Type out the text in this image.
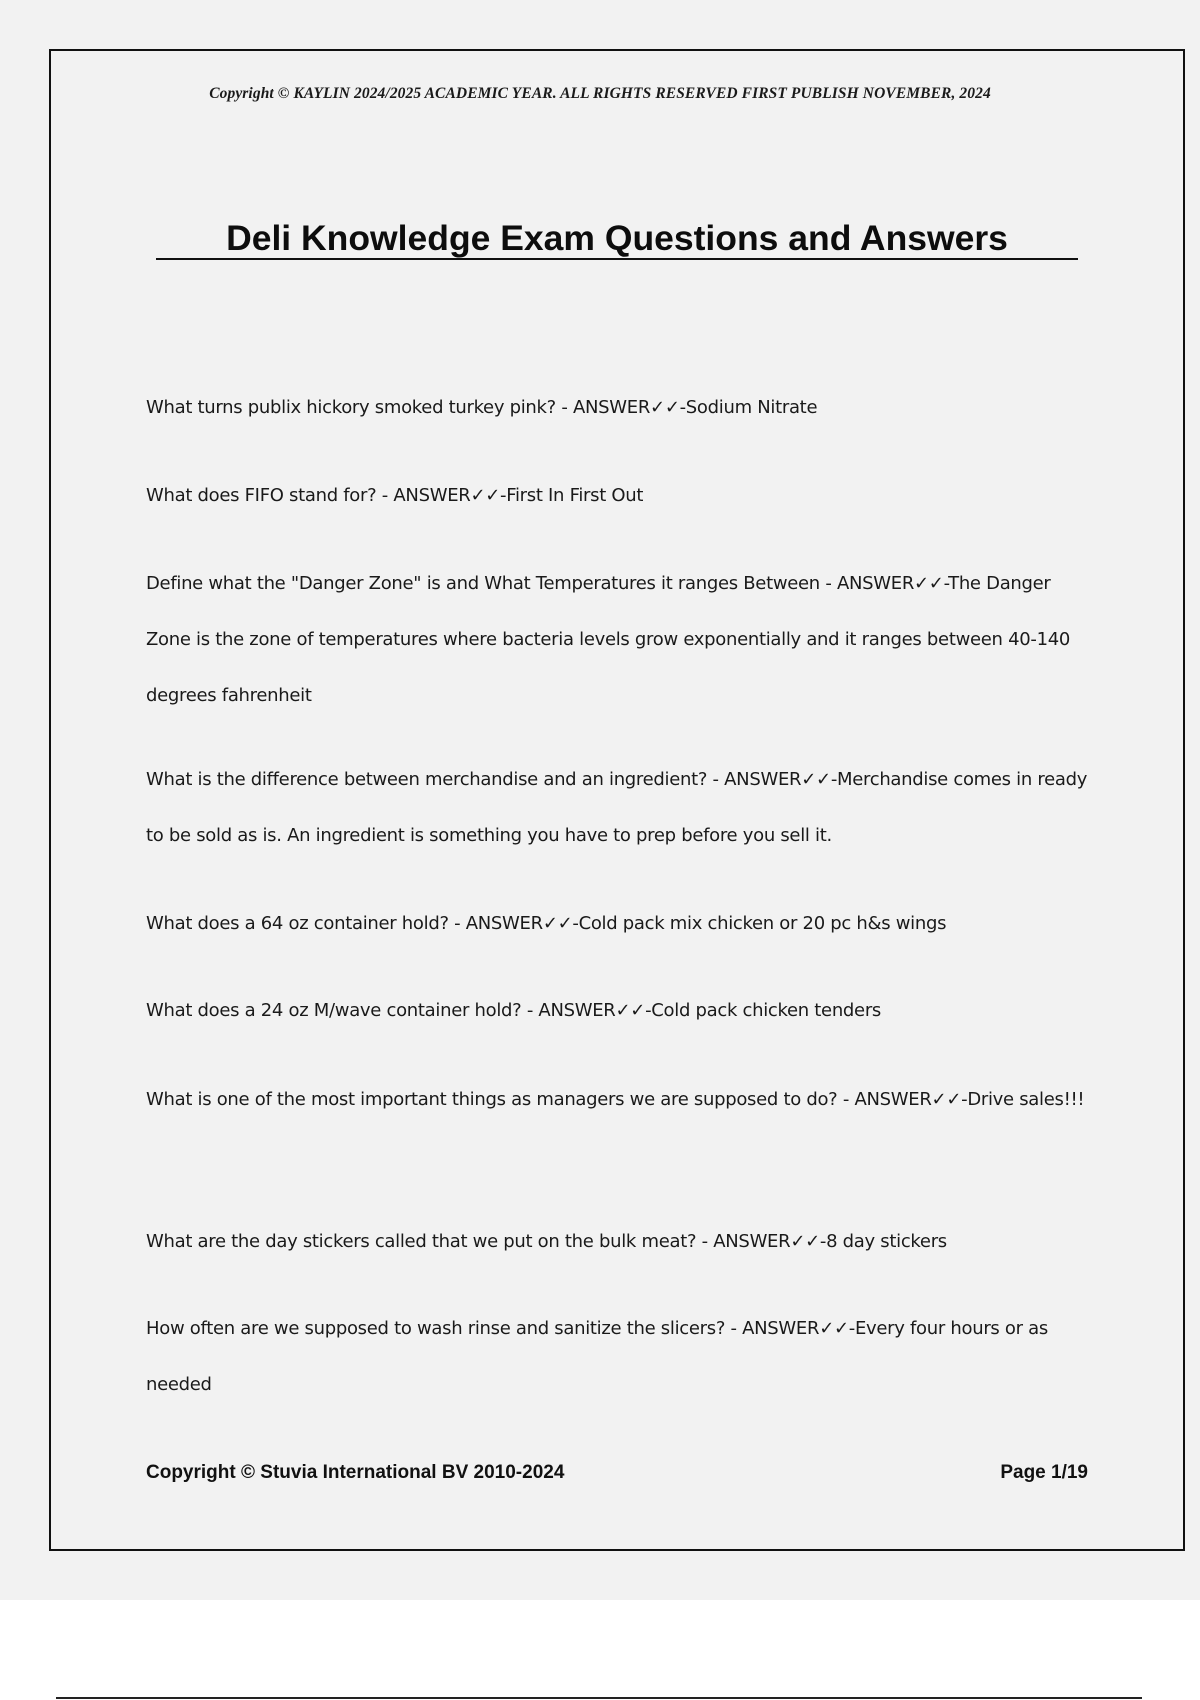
Copyright © KAYLIN 2024/2025 ACADEMIC YEAR. ALL RIGHTS RESERVED FIRST PUBLISH NOVEMBER, 2024
Deli Knowledge Exam Questions and Answers

What turns publix hickory smoked turkey pink? - ANSWER✓✓-Sodium Nitrate

What does FIFO stand for? - ANSWER✓✓-First In First Out

Define what the "Danger Zone" is and What Temperatures it ranges Between - ANSWER✓✓-The Danger Zone is the zone of temperatures where bacteria levels grow exponentially and it ranges between 40-140 degrees fahrenheit

What is the difference between merchandise and an ingredient? - ANSWER✓✓-Merchandise comes in ready to be sold as is. An ingredient is something you have to prep before you sell it.

What does a 64 oz container hold? - ANSWER✓✓-Cold pack mix chicken or 20 pc h&s wings

What does a 24 oz M/wave container hold? - ANSWER✓✓-Cold pack chicken tenders

What is one of the most important things as managers we are supposed to do? - ANSWER✓✓-Drive sales!!!

What are the day stickers called that we put on the bulk meat? - ANSWER✓✓-8 day stickers

How often are we supposed to wash rinse and sanitize the slicers? - ANSWER✓✓-Every four hours or as needed

Copyright © Stuvia International BV 2010-2024	Page 1/19
